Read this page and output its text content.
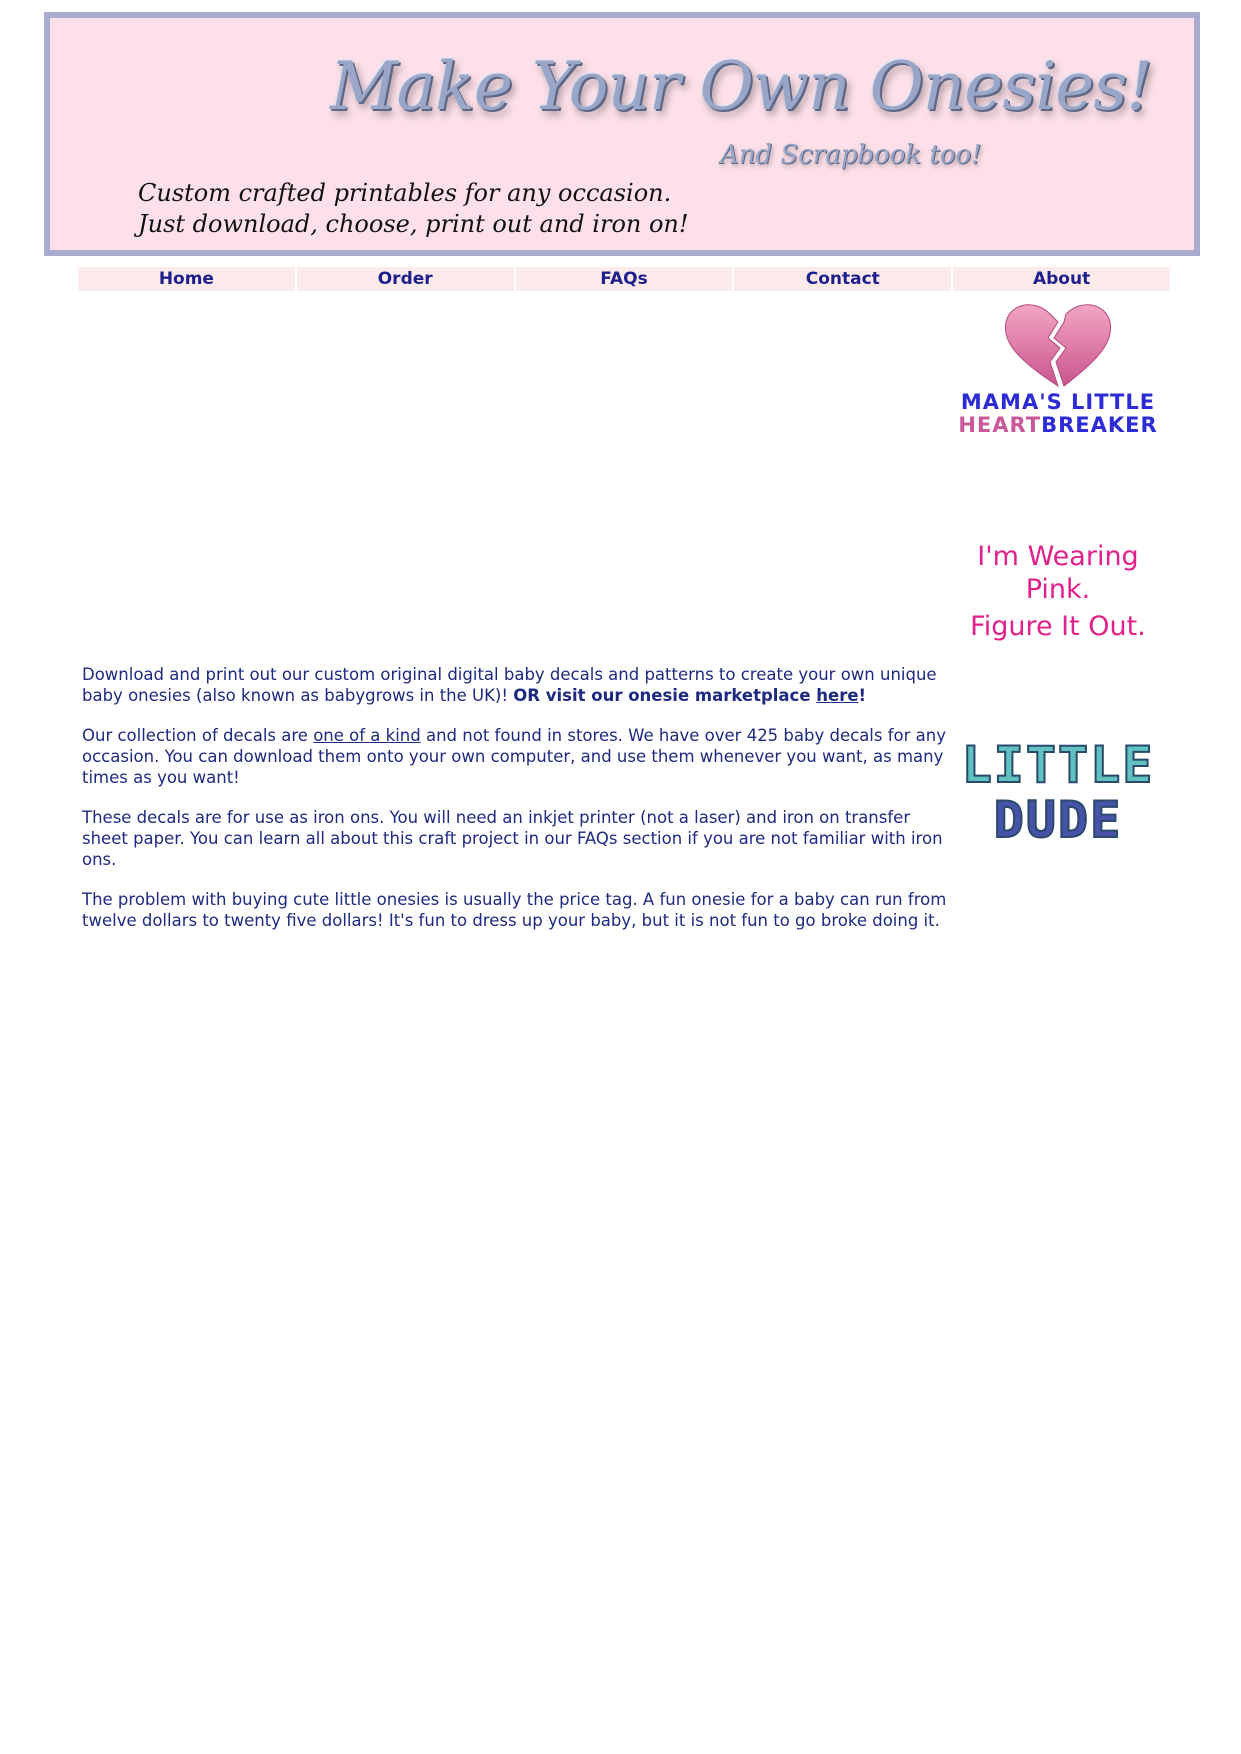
Make Your Own Onesies!
And Scrapbook too!
Custom crafted printables for any occasion.
Just download, choose, print out and iron on!
Home	Order	FAQs	Contact	About

Download and print out our custom original digital baby decals and patterns to create your own unique baby onesies (also known as babygrows in the UK)! OR visit our onesie marketplace here!

Our collection of decals are one of a kind and not found in stores. We have over 425 baby decals for any occasion. You can download them onto your own computer, and use them whenever you want, as many times as you want!

These decals are for use as iron ons. You will need an inkjet printer (not a laser) and iron on transfer sheet paper. You can learn all about this craft project in our FAQs section if you are not familiar with iron ons.

The problem with buying cute little onesies is usually the price tag. A fun onesie for a baby can run from twelve dollars to twenty five dollars! It's fun to dress up your baby, but it is not fun to go broke doing it.

MAMA'S LITTLE
HEARTBREAKER
I'm Wearing
Pink.
Figure It Out.
LITTLE
DUDE
